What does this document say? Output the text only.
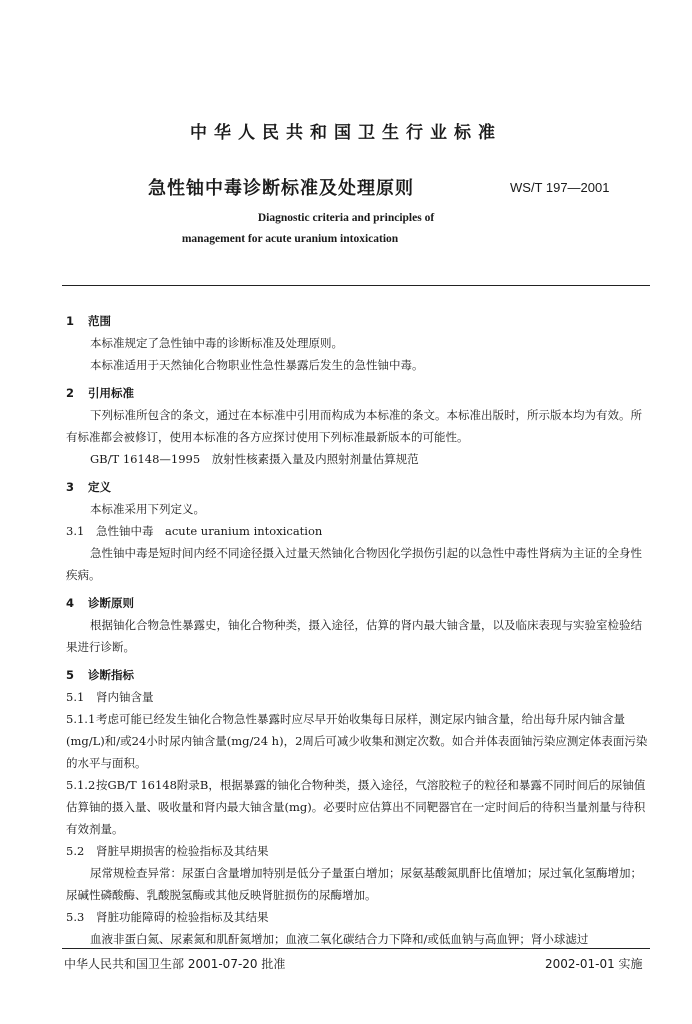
中华人民共和国卫生行业标准
急性铀中毒诊断标准及处理原则	WS/T 197—2001
Diagnostic criteria and principles of
management for acute uranium intoxication
1 范围
本标准规定了急性铀中毒的诊断标准及处理原则。
本标准适用于天然铀化合物职业性急性暴露后发生的急性铀中毒。
2 引用标准
下列标准所包含的条文，通过在本标准中引用而构成为本标准的条文。本标准出版时，所示版本均为有效。所有标准都会被修订，使用本标准的各方应探讨使用下列标准最新版本的可能性。
GB/T 16148—1995　放射性核素摄入量及内照射剂量估算规范
3 定义
本标准采用下列定义。
3.1 急性铀中毒　acute uranium intoxication
急性铀中毒是短时间内经不同途径摄入过量天然铀化合物因化学损伤引起的以急性中毒性肾病为主证的全身性疾病。
4 诊断原则
根据铀化合物急性暴露史，铀化合物种类，摄入途径，估算的肾内最大铀含量，以及临床表现与实验室检验结果进行诊断。
5 诊断指标
5.1 肾内铀含量
5.1.1考虑可能已经发生铀化合物急性暴露时应尽早开始收集每日尿样，测定尿内铀含量，给出每升尿内铀含量(mg/L)和/或24小时尿内铀含量(mg/24 h)，2周后可减少收集和测定次数。如合并体表面铀污染应测定体表面污染的水平与面积。
5.1.2按GB/T 16148附录B，根据暴露的铀化合物种类，摄入途径，气溶胶粒子的粒径和暴露不同时间后的尿铀值估算铀的摄入量、吸收量和肾内最大铀含量(mg)。必要时应估算出不同靶器官在一定时间后的待积当量剂量与待积有效剂量。
5.2 肾脏早期损害的检验指标及其结果
尿常规检查异常：尿蛋白含量增加特别是低分子量蛋白增加；尿氨基酸氮肌酐比值增加；尿过氧化氢酶增加；尿碱性磷酸酶、乳酸脱氢酶或其他反映肾脏损伤的尿酶增加。
5.3 肾脏功能障碍的检验指标及其结果
血液非蛋白氮、尿素氮和肌酐氮增加；血液二氧化碳结合力下降和/或低血钠与高血钾；肾小球滤过
中华人民共和国卫生部 2001-07-20 批准	2002-01-01 实施
